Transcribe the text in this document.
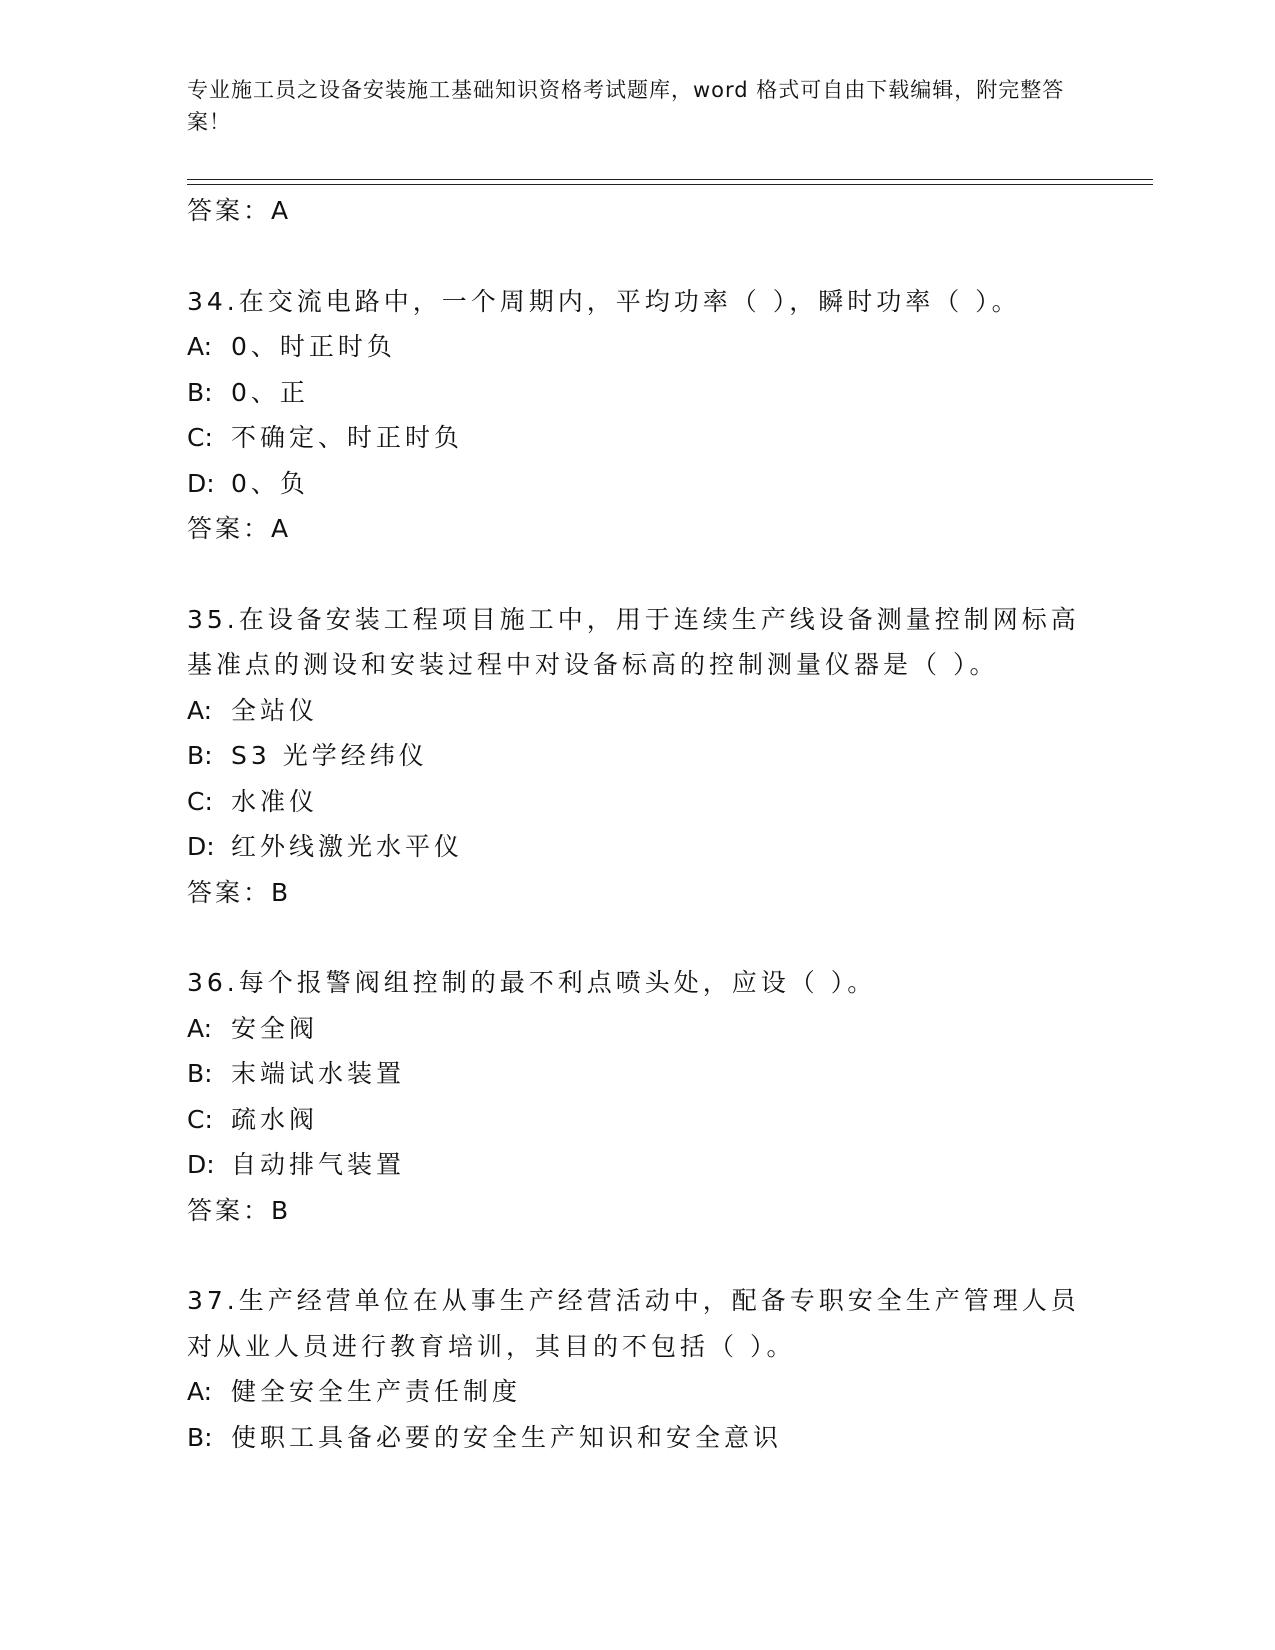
专业施工员之设备安装施工基础知识资格考试题库，word 格式可自由下载编辑，附完整答案！

答案：A

34.在交流电路中，一个周期内，平均功率（ ），瞬时功率（ ）。

A: 0、时正时负

B: 0、正

C: 不确定、时正时负

D: 0、负

答案：A

35.在设备安装工程项目施工中，用于连续生产线设备测量控制网标高基准点的测设和安装过程中对设备标高的控制测量仪器是（ ）。

A: 全站仪

B: S3 光学经纬仪

C: 水准仪

D: 红外线激光水平仪

答案：B

36.每个报警阀组控制的最不利点喷头处，应设（ ）。

A: 安全阀

B: 末端试水装置

C: 疏水阀

D: 自动排气装置

答案：B

37.生产经营单位在从事生产经营活动中，配备专职安全生产管理人员对从业人员进行教育培训，其目的不包括（ ）。

A: 健全安全生产责任制度

B: 使职工具备必要的安全生产知识和安全意识
